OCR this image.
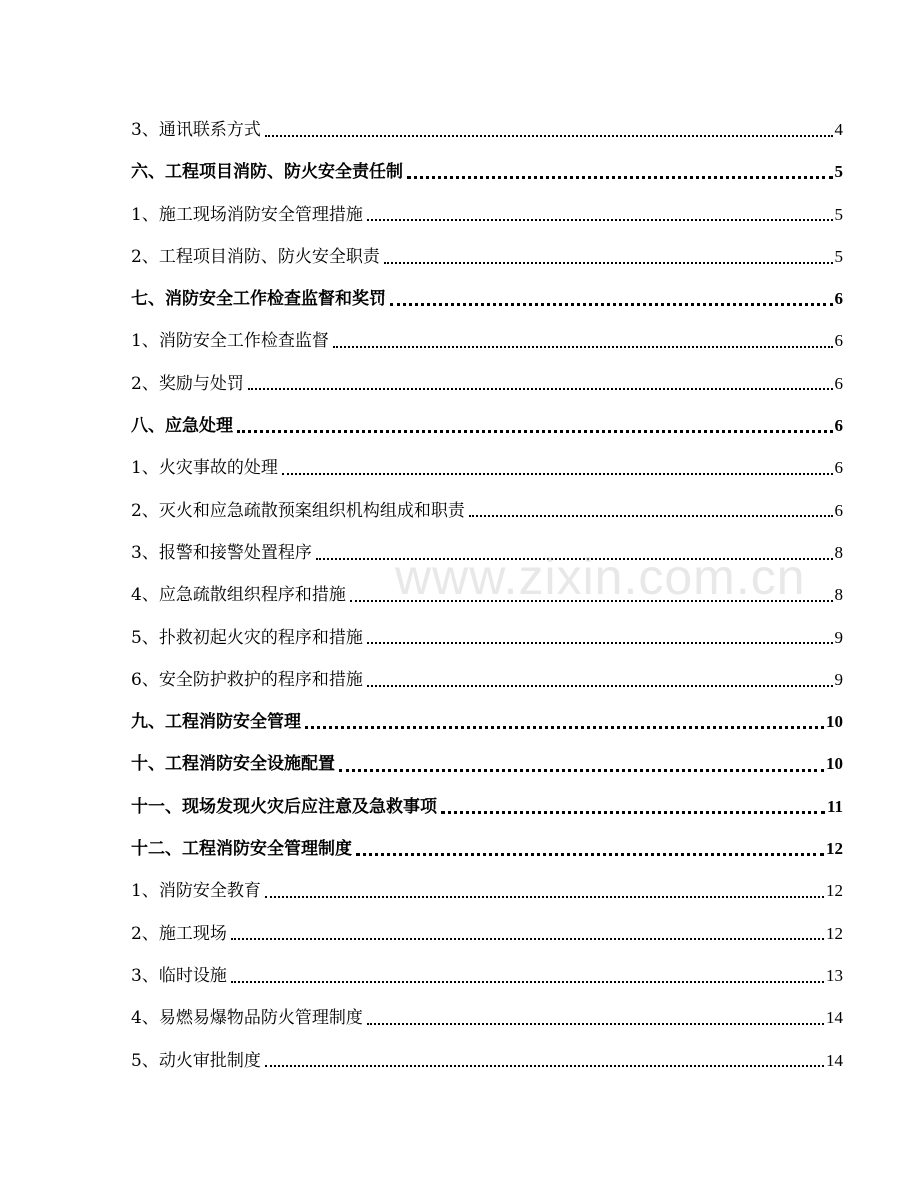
3、通讯联系方式	4
六、工程项目消防、防火安全责任制	5
1、施工现场消防安全管理措施	5
2、工程项目消防、防火安全职责	5
七、消防安全工作检查监督和奖罚	6
1、消防安全工作检查监督	6
2、奖励与处罚	6
八、应急处理	6
1、火灾事故的处理	6
2、灭火和应急疏散预案组织机构组成和职责	6
3、报警和接警处置程序	8
4、应急疏散组织程序和措施	8
5、扑救初起火灾的程序和措施	9
6、安全防护救护的程序和措施	9
九、工程消防安全管理	10
十、工程消防安全设施配置	10
十一、现场发现火灾后应注意及急救事项	11
十二、工程消防安全管理制度	12
1、消防安全教育	12
2、施工现场	12
3、临时设施	13
4、易燃易爆物品防火管理制度	14
5、动火审批制度	14
www.zixin.com.cn
